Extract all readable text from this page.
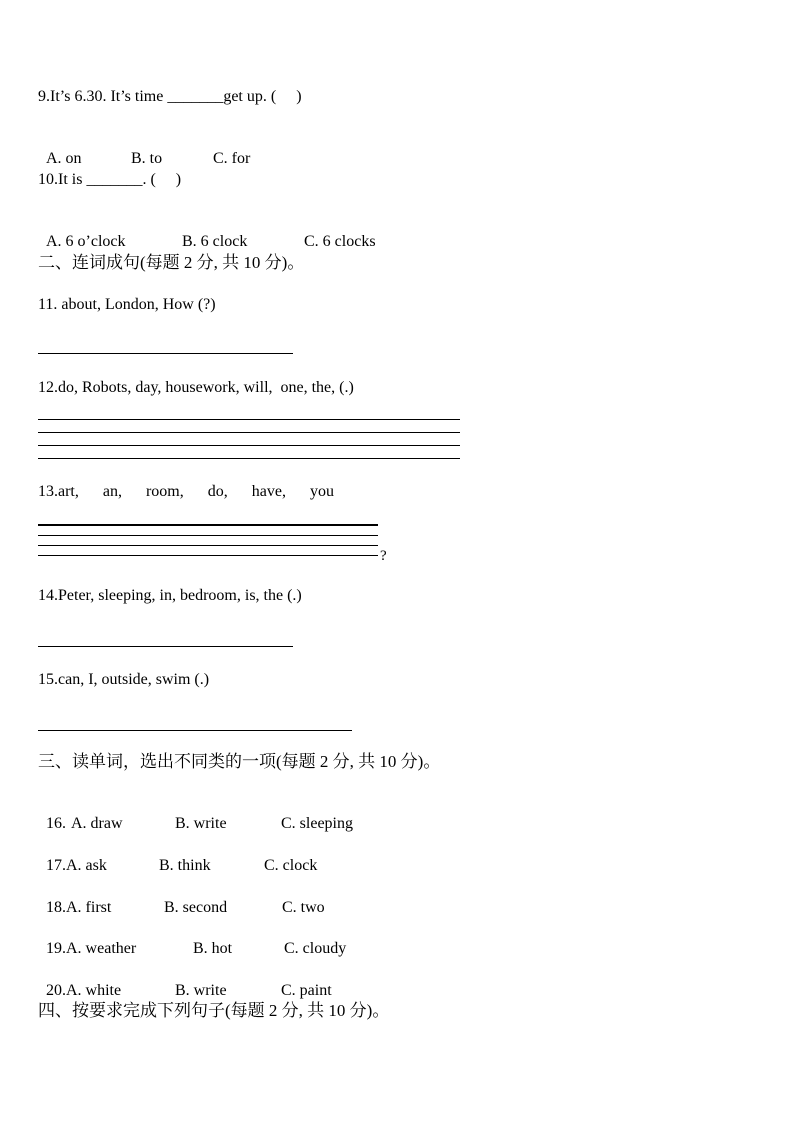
9.It’s 6.30. It’s time _______get up. (     )

A. on	B. to	C. for

10.It is _______. (     )

A. 6 o’clock	B. 6 clock	C. 6 clocks

二、连词成句(每题 2 分, 共 10 分)。
11. about, London, How (?)
12.do, Robots, day, housework, will,  one, the, (.)
13.art,      an,      room,      do,      have,      you
?
14.Peter, sleeping, in, bedroom, is, the (.)
15.can, I, outside, swim (.)
三、读单词，选出不同类的一项(每题 2 分, 共 10 分)。

16. A. draw	B. write	C. sleeping

17.A. ask	B. think	C. clock

18.A. first	B. second	C. two

19.A. weather	B. hot	C. cloudy

20.A. white	B. write	C. paint

四、按要求完成下列句子(每题 2 分, 共 10 分)。
